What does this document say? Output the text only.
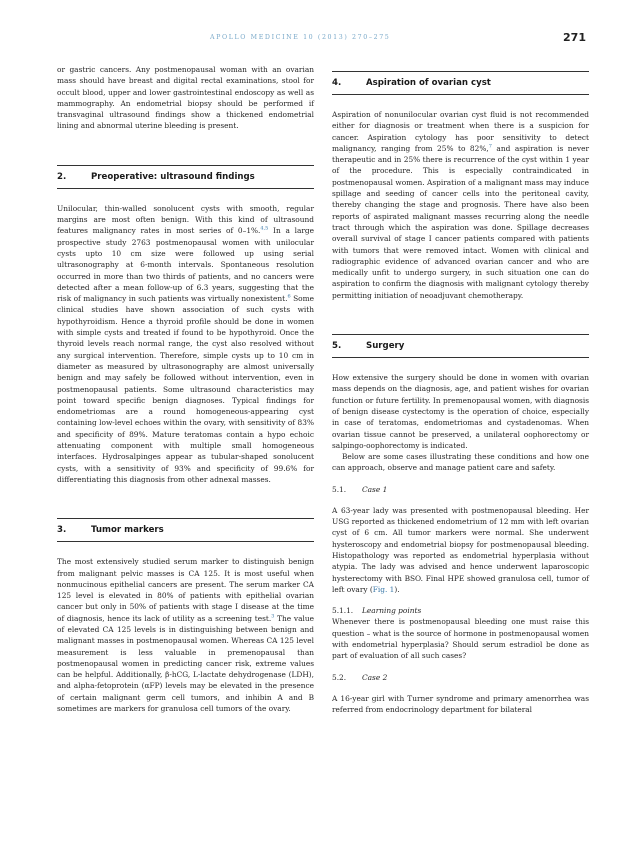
APOLLO MEDICINE 10 (2013) 270–275	271

or gastric cancers. Any postmenopausal woman with an ovarian mass should have breast and digital rectal examinations, stool for occult blood, upper and lower gastrointestinal endoscopy as well as mammography. An endometrial biopsy should be performed if transvaginal ultrasound findings show a thickened endometrial lining and abnormal uterine bleeding is present.

2.	Preoperative: ultrasound findings

Unilocular, thin-walled sonolucent cysts with smooth, regular margins are most often benign. With this kind of ultrasound features malignancy rates in most series of 0–1%.$^{4,5}$ In a large prospective study 2763 postmenopausal women with unilocular cysts upto 10 cm size were followed up using serial ultrasonography at 6-month intervals. Spontaneous resolution occurred in more than two thirds of patients, and no cancers were detected after a mean follow-up of 6.3 years, suggesting that the risk of malignancy in such patients was virtually nonexistent.$^6$ Some clinical studies have shown association of such cysts with hypothyroidism. Hence a thyroid profile should be done in women with simple cysts and treated if found to be hypothyroid. Once the thyroid levels reach normal range, the cyst also resolved without any surgical intervention. Therefore, simple cysts up to 10 cm in diameter as measured by ultrasonography are almost universally benign and may safely be followed without intervention, even in postmenopausal patients. Some ultrasound characteristics may point toward specific benign diagnoses. Typical findings for endometriomas are a round homogeneous-appearing cyst containing low-level echoes within the ovary, with sensitivity of 83% and specificity of 89%. Mature teratomas contain a hypo echoic attenuating component with multiple small homogeneous interfaces. Hydrosalpinges appear as tubular-shaped sonolucent cysts, with a sensitivity of 93% and specificity of 99.6% for differentiating this diagnosis from other adnexal masses.

3.	Tumor markers

The most extensively studied serum marker to distinguish benign from malignant pelvic masses is CA 125. It is most useful when nonmucinous epithelial cancers are present. The serum marker CA 125 level is elevated in 80% of patients with epithelial ovarian cancer but only in 50% of patients with stage I disease at the time of diagnosis, hence its lack of utility as a screening test.$^3$ The value of elevated CA 125 levels is in distinguishing between benign and malignant masses in postmenopausal women. Whereas CA 125 level measurement is less valuable in premenopausal than postmenopausal women in predicting cancer risk, extreme values can be helpful. Additionally, β-hCG, L-lactate dehydrogenase (LDH), and alpha-fetoprotein (αFP) levels may be elevated in the presence of certain malignant germ cell tumors, and inhibin A and B sometimes are markers for granulosa cell tumors of the ovary.

4.	Aspiration of ovarian cyst

Aspiration of nonunilocular ovarian cyst fluid is not recommended either for diagnosis or treatment when there is a suspicion for cancer. Aspiration cytology has poor sensitivity to detect malignancy, ranging from 25% to 82%,$^7$ and aspiration is never therapeutic and in 25% there is recurrence of the cyst within 1 year of the procedure. This is especially contraindicated in postmenopausal women. Aspiration of a malignant mass may induce spillage and seeding of cancer cells into the peritoneal cavity, thereby changing the stage and prognosis. There have also been reports of aspirated malignant masses recurring along the needle tract through which the aspiration was done. Spillage decreases overall survival of stage I cancer patients compared with patients with tumors that were removed intact. Women with clinical and radiographic evidence of advanced ovarian cancer and who are medically unfit to undergo surgery, in such situation one can do aspiration to confirm the diagnosis with malignant cytology thereby permitting initiation of neoadjuvant chemotherapy.

5.	Surgery

How extensive the surgery should be done in women with ovarian mass depends on the diagnosis, age, and patient wishes for ovarian function or future fertility. In premenopausal women, with diagnosis of benign disease cystectomy is the operation of choice, especially in case of teratomas, endometriomas and cystadenomas. When ovarian tissue cannot be preserved, a unilateral oophorectomy or salpingo-oophorectomy is indicated.

Below are some cases illustrating these conditions and how one can approach, observe and manage patient care and safety.

5.1.	Case 1

A 63-year lady was presented with postmenopausal bleeding. Her USG reported as thickened endometrium of 12 mm with left ovarian cyst of 6 cm. All tumor markers were normal. She underwent hysteroscopy and endometrial biopsy for postmenopausal bleeding. Histopathology was reported as endometrial hyperplasia without atypia. The lady was advised and hence underwent laparoscopic hysterectomy with BSO. Final HPE showed granulosa cell, tumor of left ovary (Fig. 1).

5.1.1.	Learning points

Whenever there is postmenopausal bleeding one must raise this question – what is the source of hormone in postmenopausal women with endometrial hyperplasia? Should serum estradiol be done as part of evaluation of all such cases?

5.2.	Case 2

A 16-year girl with Turner syndrome and primary amenorrhea was referred from endocrinology department for bilateral
